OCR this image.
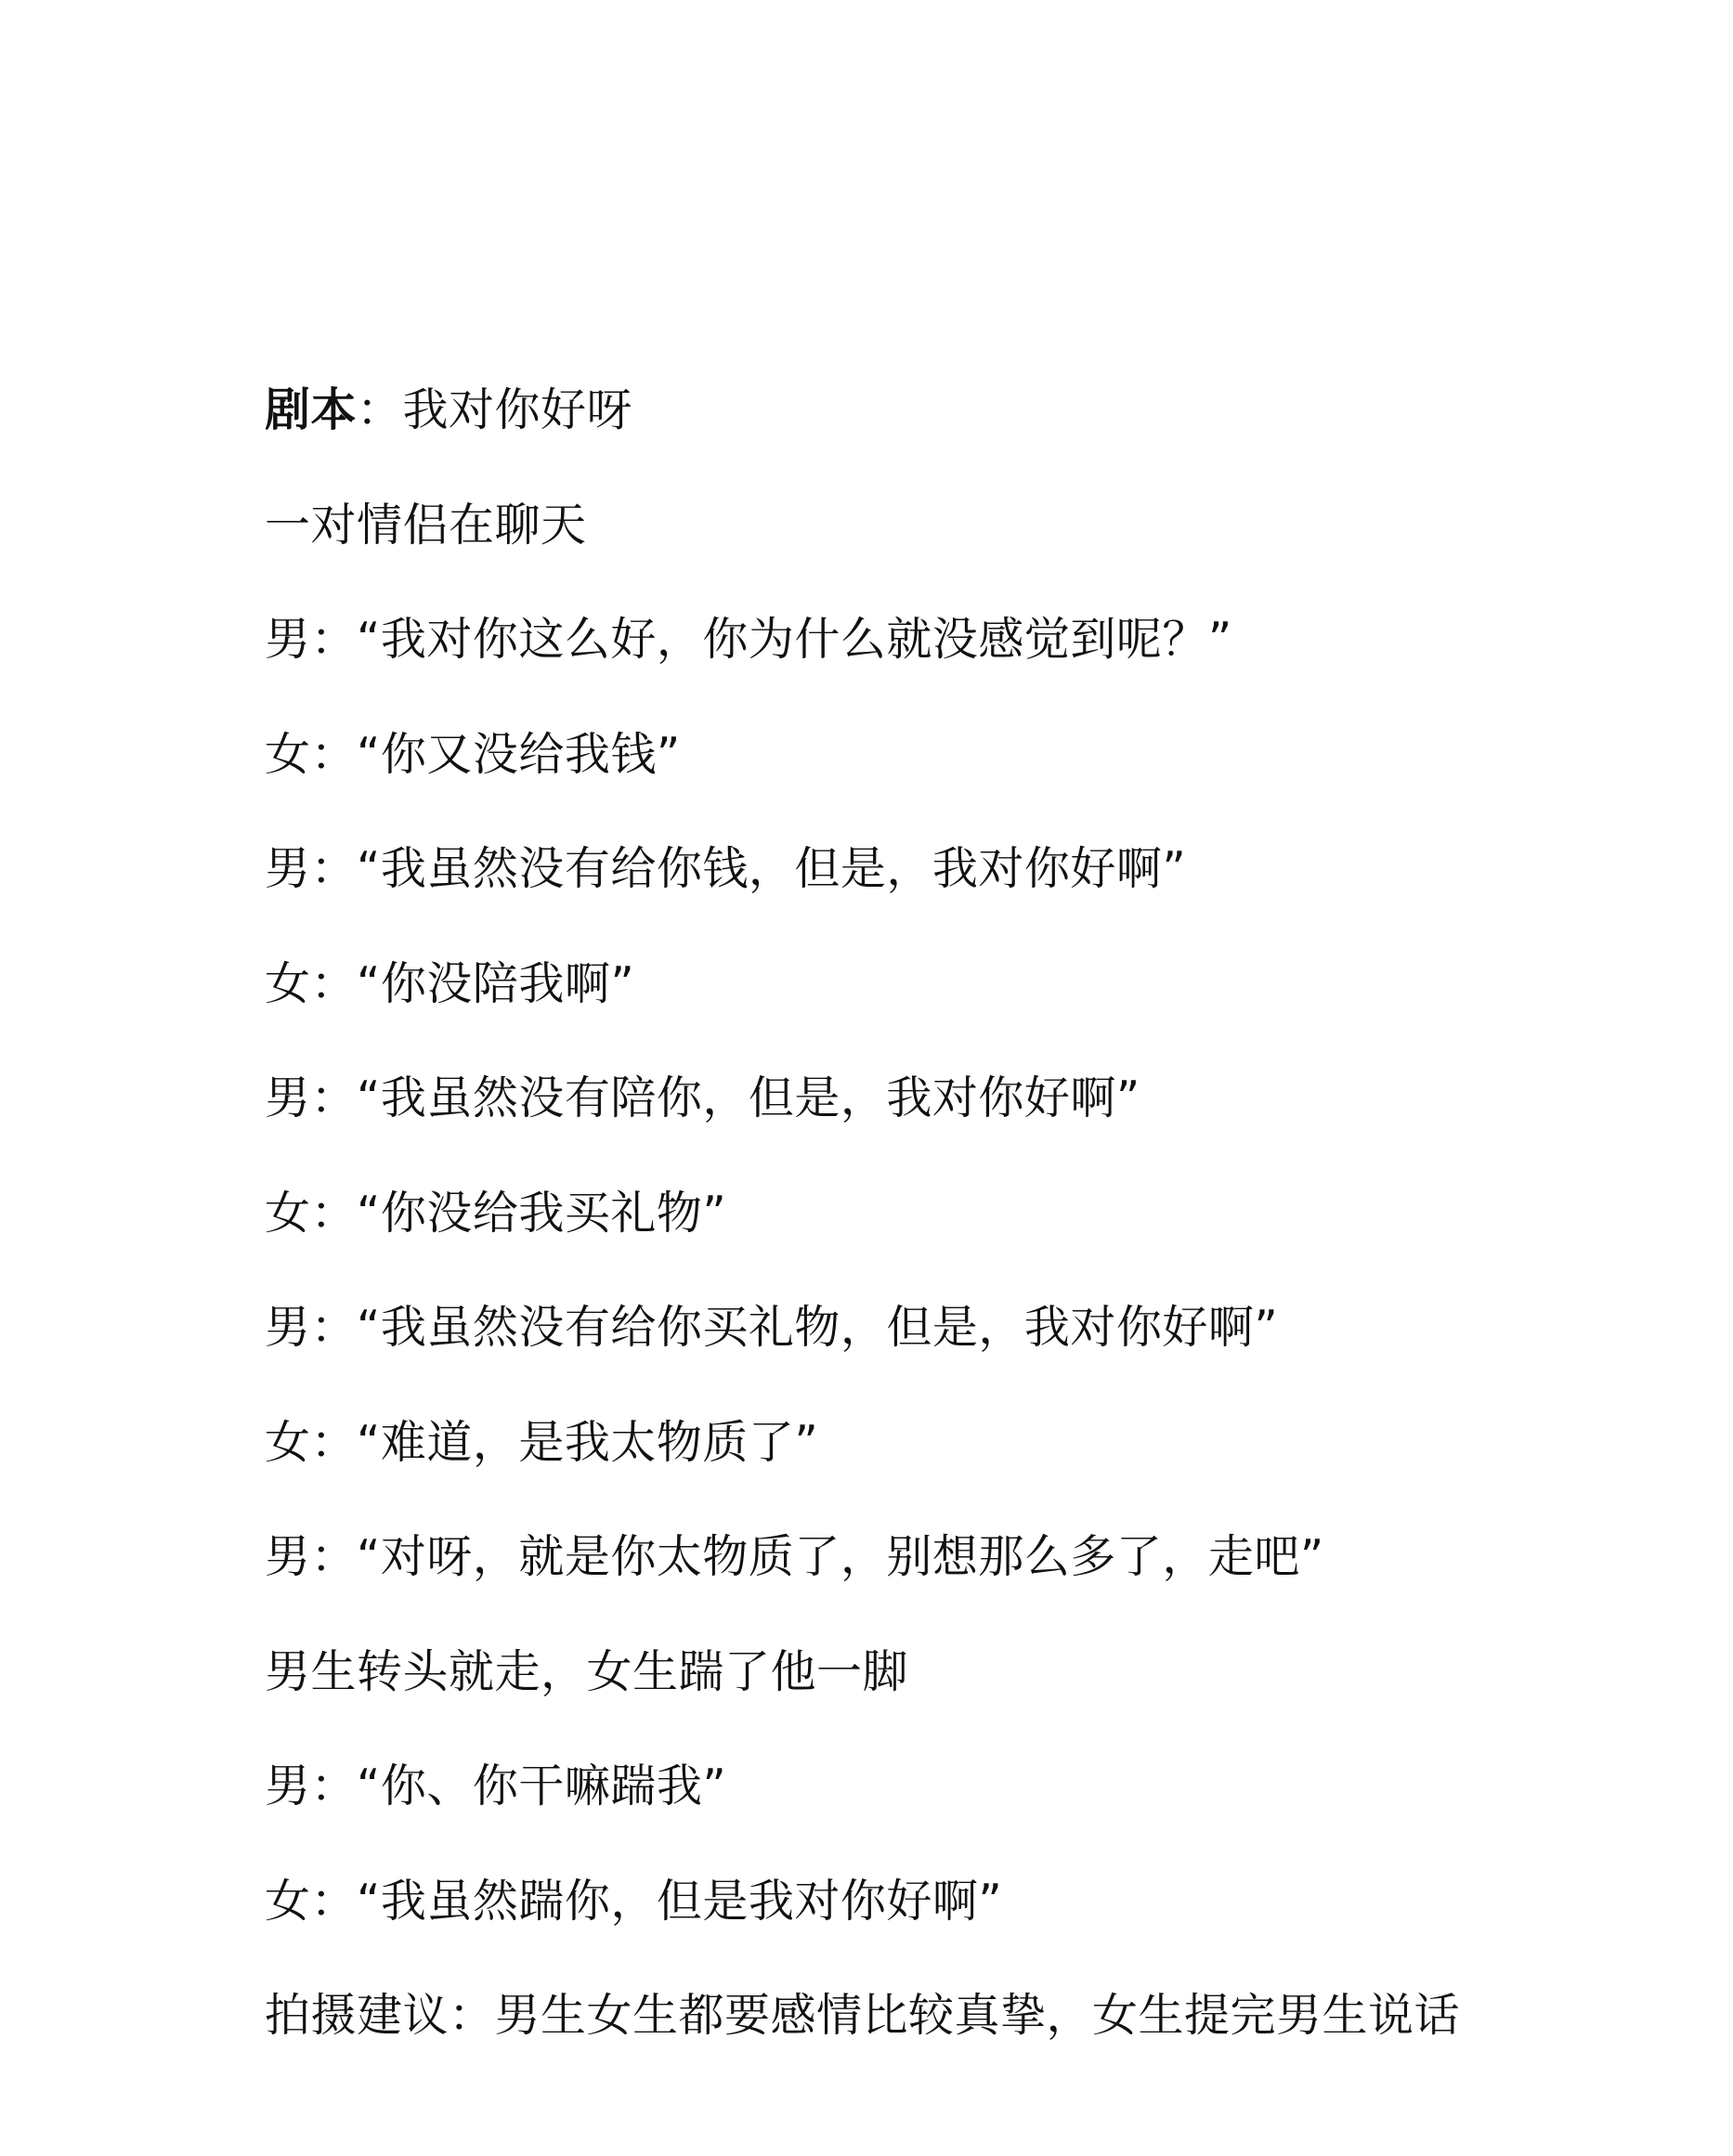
剧本：我对你好呀
一对情侣在聊天
男：“我对你这么好，你为什么就没感觉到呢？”
女：“你又没给我钱”
男：“我虽然没有给你钱，但是，我对你好啊”
女：“你没陪我啊”
男：“我虽然没有陪你，但是，我对你好啊”
女：“你没给我买礼物”
男：“我虽然没有给你买礼物，但是，我对你好啊”
女：“难道，是我太物质了”
男：“对呀，就是你太物质了，别想那么多了，走吧”
男生转头就走，女生踹了他一脚
男：“你、你干嘛踹我”
女：“我虽然踹你，但是我对你好啊”
拍摄建议：男生女生都要感情比较真挚，女生提完男生说话
